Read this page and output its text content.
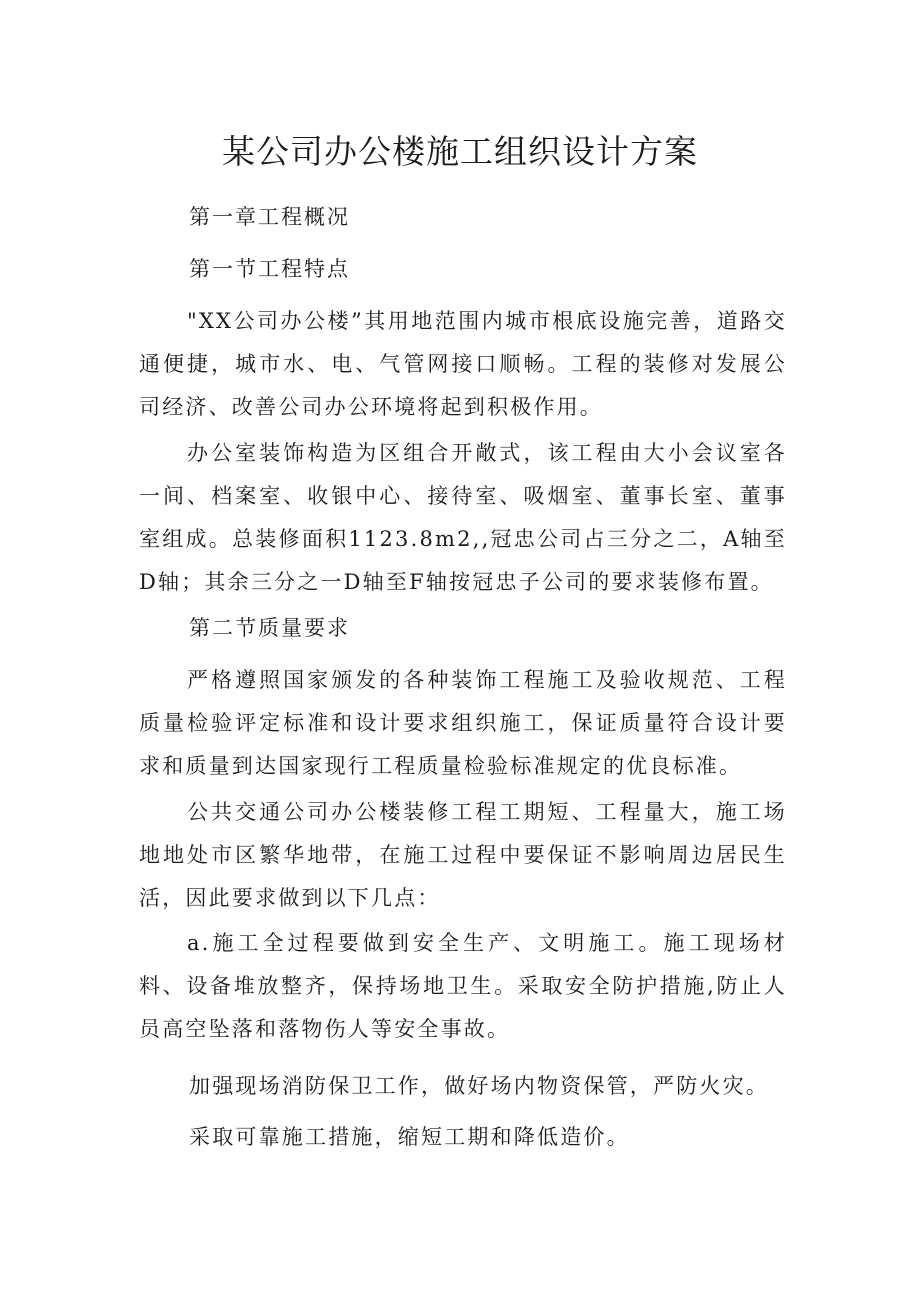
某公司办公楼施工组织设计方案

第一章工程概况

第一节工程特点

"XX公司办公楼”其用地范围内城市根底设施完善，道路交通便捷，城市水、电、气管网接口顺畅。工程的装修对发展公司经济、改善公司办公环境将起到积极作用。

办公室装饰构造为区组合开敞式，该工程由大小会议室各一间、档案室、收银中心、接待室、吸烟室、董事长室、董事室组成。总装修面积1123.8m2,,冠忠公司占三分之二，A轴至D轴；其余三分之一D轴至F轴按冠忠子公司的要求装修布置。

第二节质量要求

严格遵照国家颁发的各种装饰工程施工及验收规范、工程质量检验评定标准和设计要求组织施工，保证质量符合设计要求和质量到达国家现行工程质量检验标准规定的优良标准。

公共交通公司办公楼装修工程工期短、工程量大，施工场地地处市区繁华地带，在施工过程中要保证不影响周边居民生活，因此要求做到以下几点：

a.施工全过程要做到安全生产、文明施工。施工现场材料、设备堆放整齐，保持场地卫生。采取安全防护措施,防止人员高空坠落和落物伤人等安全事故。

加强现场消防保卫工作，做好场内物资保管，严防火灾。

采取可靠施工措施，缩短工期和降低造价。
